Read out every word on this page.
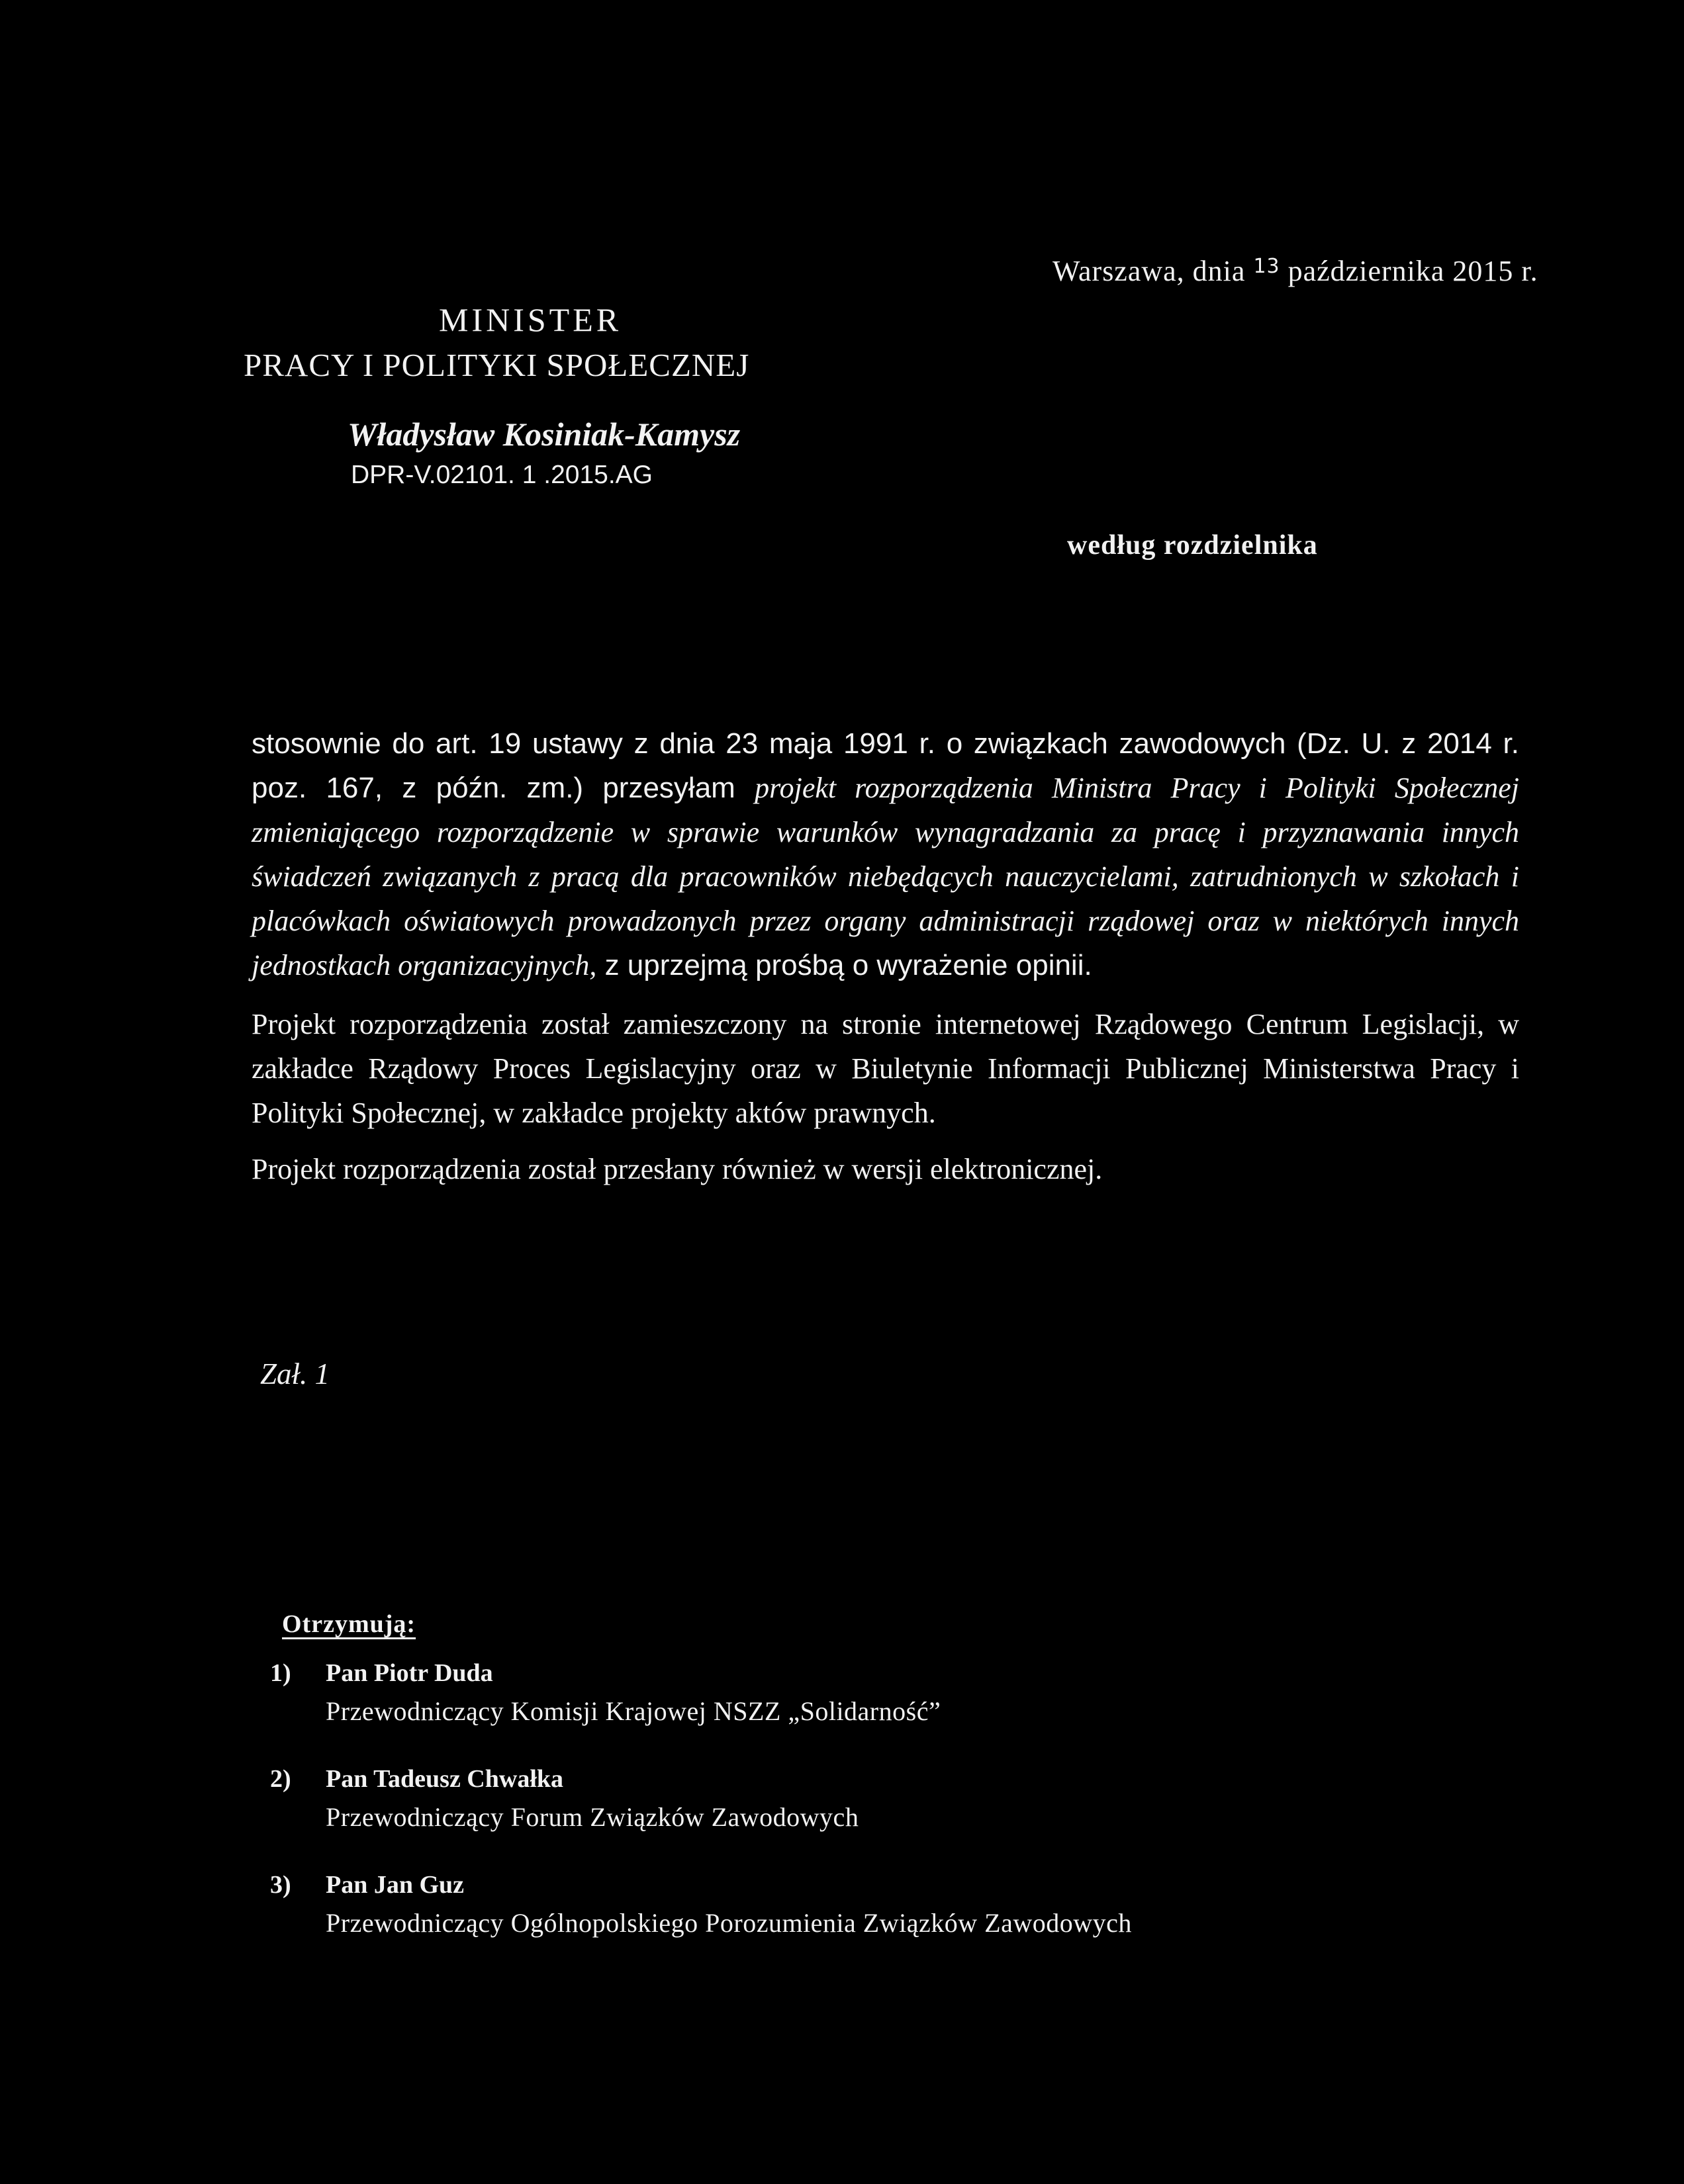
Warszawa, dnia $^{13}$ października 2015 r.
MINISTER
PRACY I POLITYKI SPOŁECZNEJ
Władysław Kosiniak-Kamysz
DPR-V.02101. 1 .2015.AG
według rozdzielnika

stosownie do art. 19 ustawy z dnia 23 maja 1991 r. o związkach zawodowych (Dz. U. z 2014 r. poz. 167, z późn. zm.) przesyłam projekt rozporządzenia Ministra Pracy i Polityki Społecznej zmieniającego rozporządzenie w sprawie warunków wynagradzania za pracę i przyznawania innych świadczeń związanych z pracą dla pracowników niebędących nauczycielami, zatrudnionych w szkołach i placówkach oświatowych prowadzonych przez organy administracji rządowej oraz w niektórych innych jednostkach organizacyjnych, z uprzejmą prośbą o wyrażenie opinii.

Projekt rozporządzenia został zamieszczony na stronie internetowej Rządowego Centrum Legislacji, w zakładce Rządowy Proces Legislacyjny oraz w Biuletynie Informacji Publicznej Ministerstwa Pracy i Polityki Społecznej, w zakładce projekty aktów prawnych.

Projekt rozporządzenia został przesłany również w wersji elektronicznej.

Zał. 1
Otrzymują:
1) Pan Piotr Duda
Przewodniczący Komisji Krajowej NSZZ „Solidarność”
2) Pan Tadeusz Chwałka
Przewodniczący Forum Związków Zawodowych
3) Pan Jan Guz
Przewodniczący Ogólnopolskiego Porozumienia Związków Zawodowych
